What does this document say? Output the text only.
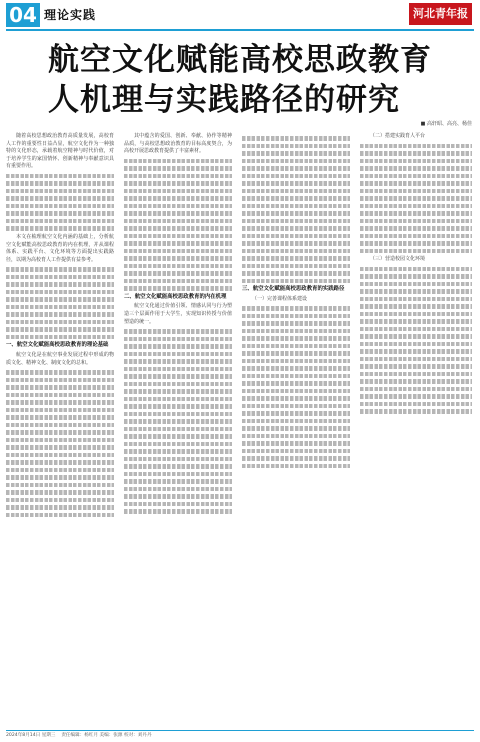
04 理论实践	河北青年报
航空文化赋能高校思政教育人机理与实践路径的研究
■ 高轩昭、高亮、杨佳

随着高校思想政治教育高质量发展，高校育人工作的重要性日益凸显，航空文化作为一种独特的文化形态，承载着航空精神与时代价值，对于培养学生的家国情怀、创新精神与奉献意识具有重要作用。

本文在梳理航空文化内涵的基础上，分析航空文化赋能高校思政教育的内在机理，并从课程体系、实践平台、文化环境等方面提出实践路径，以期为高校育人工作提供有益参考。

一、航空文化赋能高校思政教育的理论基础

航空文化是在航空事业发展过程中形成的物质文化、精神文化、制度文化的总和。

其中蕴含的爱国、创新、奉献、协作等精神品质，与高校思想政治教育的目标高度契合，为高校开展思政教育提供了丰富素材。

二、航空文化赋能高校思政教育的内在机理

航空文化通过价值引领、情感认同与行为塑造三个层面作用于大学生，实现知识传授与价值塑造的统一。

三、航空文化赋能高校思政教育的实践路径

（一）完善课程体系建设

（二）搭建实践育人平台

（三）营造校园文化环境

2024年8月14日 星期三 责任编辑：杨红月 美编：张源 校对：刘丹丹
